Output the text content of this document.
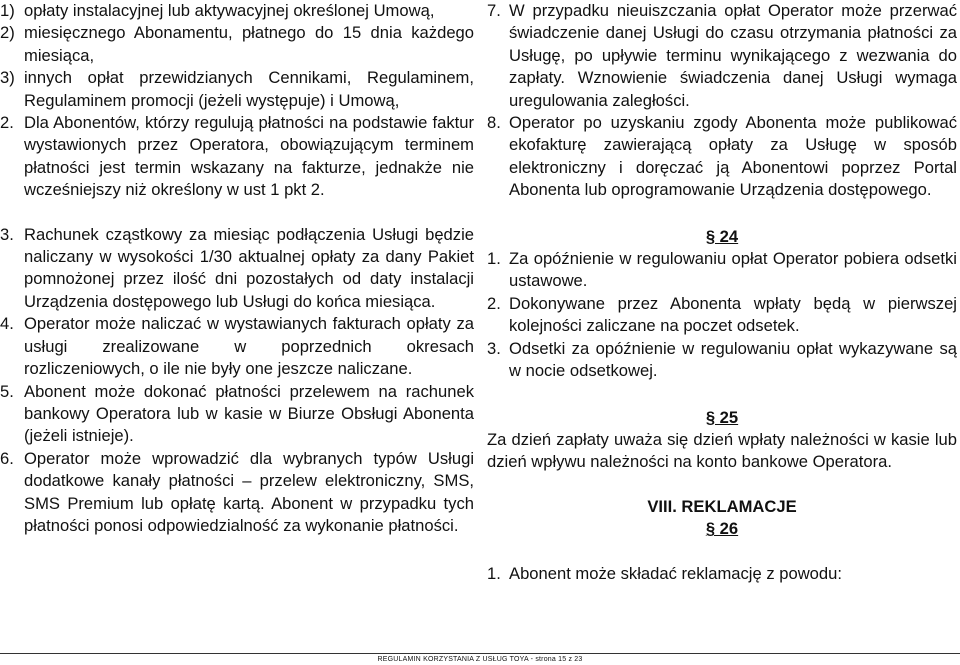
1) opłaty instalacyjnej lub aktywacyjnej określonej Umową,
2) miesięcznego Abonamentu, płatnego do 15 dnia każdego miesiąca,
3) innych opłat przewidzianych Cennikami, Regulaminem, Regulaminem promocji (jeżeli występuje) i Umową,
2. Dla Abonentów, którzy regulują płatności na podstawie faktur wystawionych przez Operatora, obowiązującym terminem płatności jest termin wskazany na fakturze, jednakże nie wcześniejszy niż określony w ust 1 pkt 2.
3. Rachunek cząstkowy za miesiąc podłączenia Usługi będzie naliczany w wysokości 1/30 aktualnej opłaty za dany Pakiet pomnożonej przez ilość dni pozostałych od daty instalacji Urządzenia dostępowego lub Usługi do końca miesiąca.
4. Operator może naliczać w wystawianych fakturach opłaty za usługi zrealizowane w poprzednich okresach rozliczeniowych, o ile nie były one jeszcze naliczane.
5. Abonent może dokonać płatności przelewem na rachunek bankowy Operatora lub w kasie w Biurze Obsługi Abonenta (jeżeli istnieje).
6. Operator może wprowadzić dla wybranych typów Usługi dodatkowe kanały płatności – przelew elektroniczny, SMS, SMS Premium lub opłatę kartą. Abonent w przypadku tych płatności ponosi odpowiedzialność za wykonanie płatności.
7. W przypadku nieuiszczania opłat Operator może przerwać świadczenie danej Usługi do czasu otrzymania płatności za Usługę, po upływie terminu wynikającego z wezwania do zapłaty. Wznowienie świadczenia danej Usługi wymaga uregulowania zaległości.
8. Operator po uzyskaniu zgody Abonenta może publikować ekofakturę zawierającą opłaty za Usługę w sposób elektroniczny i doręczać ją Abonentowi poprzez Portal Abonenta lub oprogramowanie Urządzenia dostępowego.
§ 24
1. Za opóźnienie w regulowaniu opłat Operator pobiera odsetki ustawowe.
2. Dokonywane przez Abonenta wpłaty będą w pierwszej kolejności zaliczane na poczet odsetek.
3. Odsetki za opóźnienie w regulowaniu opłat wykazywane są w nocie odsetkowej.
§ 25
Za dzień zapłaty uważa się dzień wpłaty należności w kasie lub dzień wpływu należności na konto bankowe Operatora.
VIII. REKLAMACJE
§ 26
1. Abonent może składać reklamację z powodu:
REGULAMIN KORZYSTANIA Z USŁUG TOYA - strona 15 z 23
